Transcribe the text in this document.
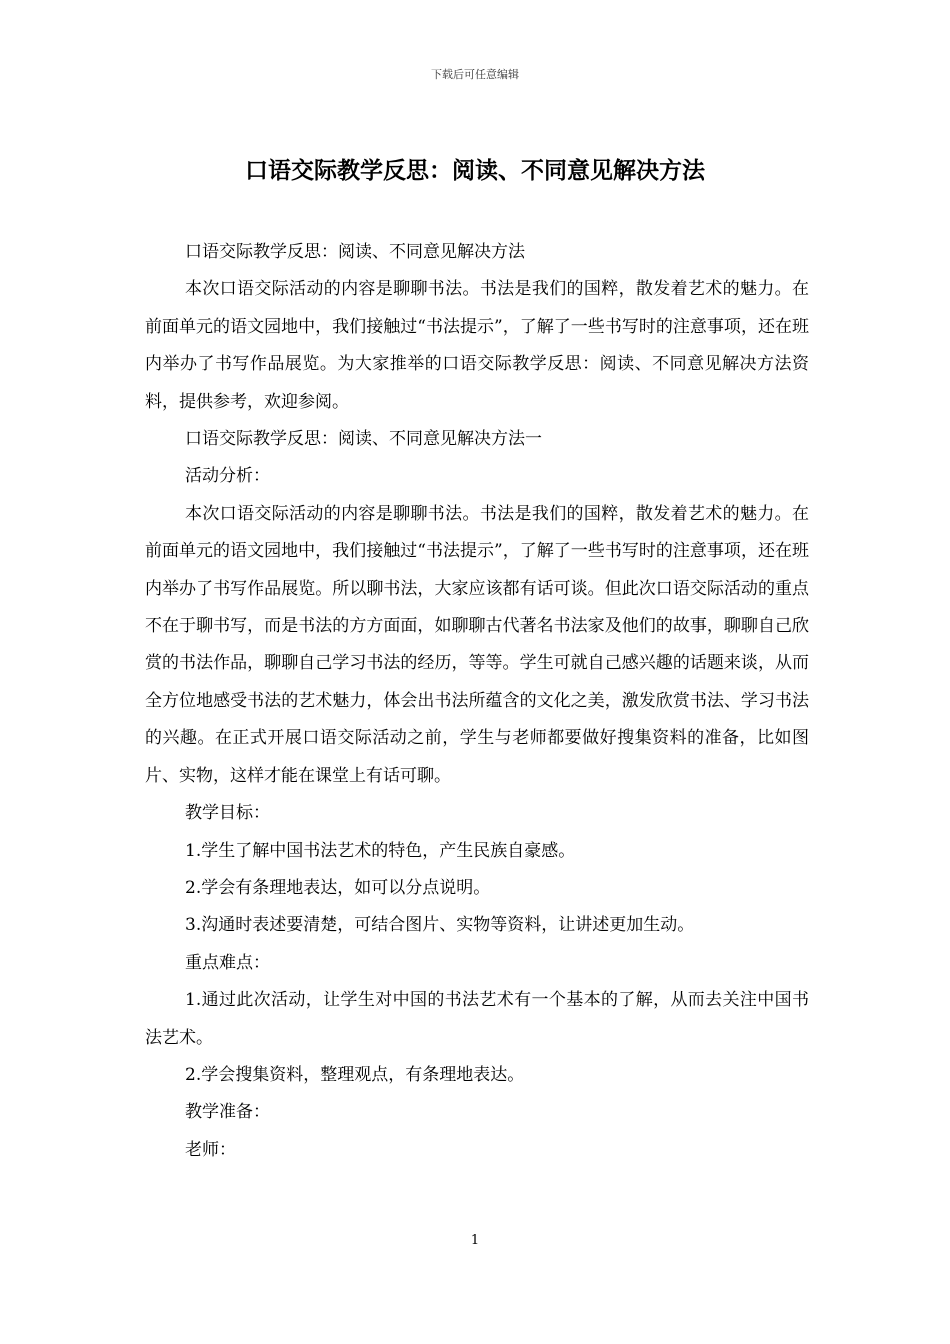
下载后可任意编辑
口语交际教学反思：阅读、不同意见解决方法

口语交际教学反思：阅读、不同意见解决方法

本次口语交际活动的内容是聊聊书法。书法是我们的国粹，散发着艺术的魅力。在前面单元的语文园地中，我们接触过“书法提示”，了解了一些书写时的注意事项，还在班内举办了书写作品展览。为大家推举的口语交际教学反思：阅读、不同意见解决方法资料，提供参考，欢迎参阅。

口语交际教学反思：阅读、不同意见解决方法一

活动分析：

本次口语交际活动的内容是聊聊书法。书法是我们的国粹，散发着艺术的魅力。在前面单元的语文园地中，我们接触过“书法提示”，了解了一些书写时的注意事项，还在班内举办了书写作品展览。所以聊书法，大家应该都有话可谈。但此次口语交际活动的重点不在于聊书写，而是书法的方方面面，如聊聊古代著名书法家及他们的故事，聊聊自己欣赏的书法作品，聊聊自己学习书法的经历，等等。学生可就自己感兴趣的话题来谈，从而全方位地感受书法的艺术魅力，体会出书法所蕴含的文化之美，激发欣赏书法、学习书法的兴趣。在正式开展口语交际活动之前，学生与老师都要做好搜集资料的准备，比如图片、实物，这样才能在课堂上有话可聊。

教学目标：

1.学生了解中国书法艺术的特色，产生民族自豪感。

2.学会有条理地表达，如可以分点说明。

3.沟通时表述要清楚，可结合图片、实物等资料，让讲述更加生动。

重点难点：

1.通过此次活动，让学生对中国的书法艺术有一个基本的了解，从而去关注中国书法艺术。

2.学会搜集资料，整理观点，有条理地表达。

教学准备：

老师：

1
